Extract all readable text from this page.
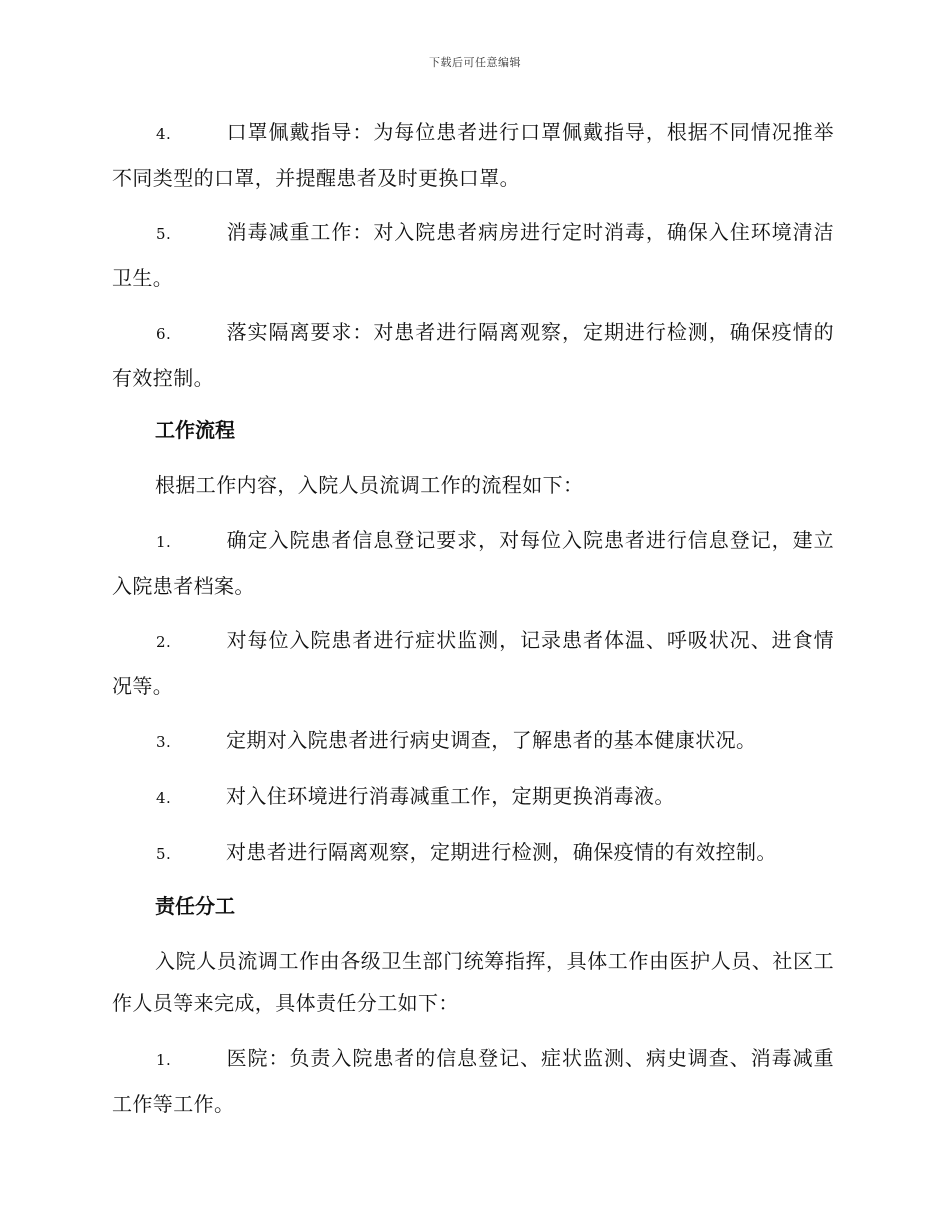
下载后可任意编辑

4.	口罩佩戴指导：为每位患者进行口罩佩戴指导，根据不同情况推举不同类型的口罩，并提醒患者及时更换口罩。

5.	消毒减重工作：对入院患者病房进行定时消毒，确保入住环境清洁卫生。

6.	落实隔离要求：对患者进行隔离观察，定期进行检测，确保疫情的有效控制。

工作流程

根据工作内容，入院人员流调工作的流程如下：

1.	确定入院患者信息登记要求，对每位入院患者进行信息登记，建立入院患者档案。

2.	对每位入院患者进行症状监测，记录患者体温、呼吸状况、进食情况等。

3.	定期对入院患者进行病史调查，了解患者的基本健康状况。

4.	对入住环境进行消毒减重工作，定期更换消毒液。

5.	对患者进行隔离观察，定期进行检测，确保疫情的有效控制。

责任分工

入院人员流调工作由各级卫生部门统筹指挥，具体工作由医护人员、社区工作人员等来完成，具体责任分工如下：

1.	医院：负责入院患者的信息登记、症状监测、病史调查、消毒减重工作等工作。
